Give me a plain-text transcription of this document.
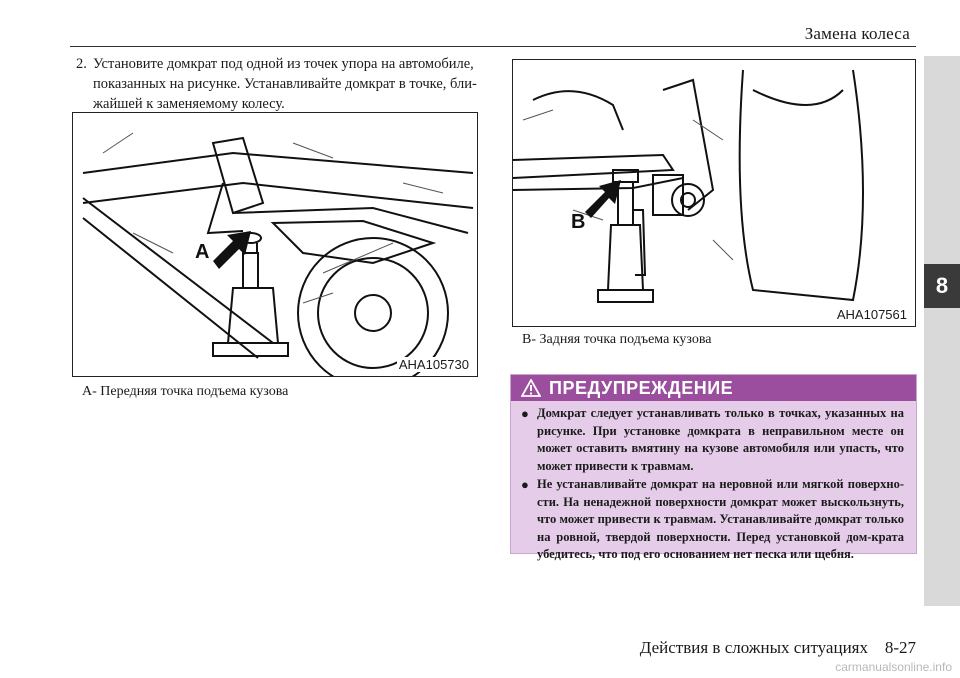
Замена колеса
8
2. Установите домкрат под одной из точек упора на автомобиле, показанных на рисунке. Устанавливайте домкрат в точке, бли-жайшей к заменяемому колесу.
A
AHA105730
A- Передняя точка подъема кузова
B
AHA107561
B- Задняя точка подъема кузова
ПРЕДУПРЕЖДЕНИЕ
● Домкрат следует устанавливать только в точках, указанных на рисунке. При установке домкрата в неправильном месте он может оставить вмятину на кузове автомобиля или упасть, что может привести к травмам.
● Не устанавливайте домкрат на неровной или мягкой поверхно-сти. На ненадежной поверхности домкрат может выскользнуть, что может привести к травмам. Устанавливайте домкрат только на ровной, твердой поверхности. Перед установкой дом-крата убедитесь, что под его основанием нет песка или щебня.
Действия в сложных ситуациях 8-27
carmanualsonline.info
